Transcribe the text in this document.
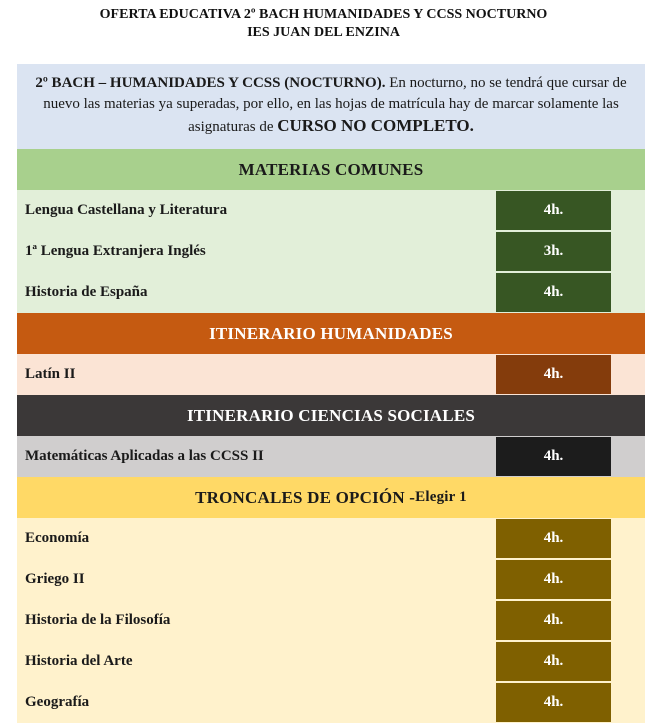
OFERTA EDUCATIVA 2º BACH HUMANIDADES Y CCSS NOCTURNO
IES JUAN DEL ENZINA
2º BACH – HUMANIDADES Y CCSS (NOCTURNO). En nocturno, no se tendrá que cursar de nuevo las materias ya superadas, por ello, en las hojas de matrícula hay de marcar solamente las asignaturas de CURSO NO COMPLETO.
MATERIAS COMUNES
Lengua Castellana y Literatura	4h.
1ª Lengua Extranjera Inglés	3h.
Historia de España	4h.
ITINERARIO HUMANIDADES
Latín II	4h.
ITINERARIO CIENCIAS SOCIALES
Matemáticas Aplicadas a las CCSS II	4h.
TRONCALES DE OPCIÓN - Elegir 1
Economía	4h.
Griego II	4h.
Historia de la Filosofía	4h.
Historia del Arte	4h.
Geografía	4h.
